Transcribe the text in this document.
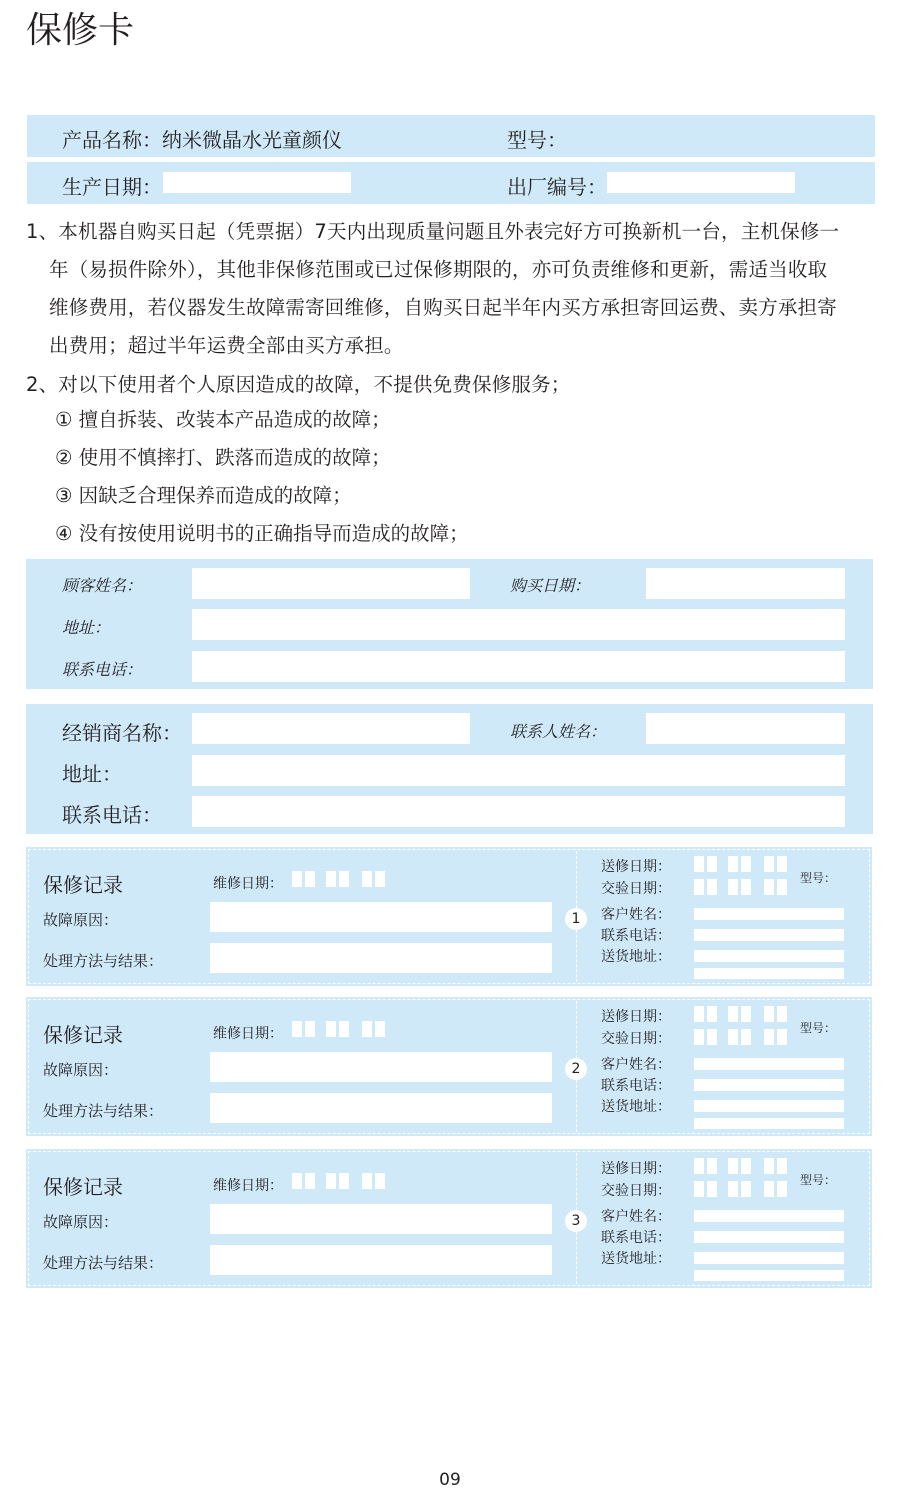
保修卡
产品名称：纳米微晶水光童颜仪	型号：
生产日期：	出厂编号：
1、本机器自购买日起（凭票据）7天内出现质量问题且外表完好方可换新机一台，主机保修一
年（易损件除外），其他非保修范围或已过保修期限的，亦可负责维修和更新，需适当收取
维修费用，若仪器发生故障需寄回维修，自购买日起半年内买方承担寄回运费、卖方承担寄
出费用；超过半年运费全部由买方承担。
2、对以下使用者个人原因造成的故障，不提供免费保修服务；
① 擅自拆装、改装本产品造成的故障；
② 使用不慎摔打、跌落而造成的故障；
③ 因缺乏合理保养而造成的故障；
④ 没有按使用说明书的正确指导而造成的故障；
顾客姓名：	购买日期：
地址：
联系电话：
经销商名称：	联系人姓名：
地址：
联系电话：
保修记录	维修日期：
故障原因：
处理方法与结果：
1
送修日期：
型号：
交验日期：
客户姓名：
联系电话：
送货地址：
保修记录	维修日期：
故障原因：
处理方法与结果：
2
送修日期：
型号：
交验日期：
客户姓名：
联系电话：
送货地址：
保修记录	维修日期：
故障原因：
处理方法与结果：
3
送修日期：
型号：
交验日期：
客户姓名：
联系电话：
送货地址：
09
